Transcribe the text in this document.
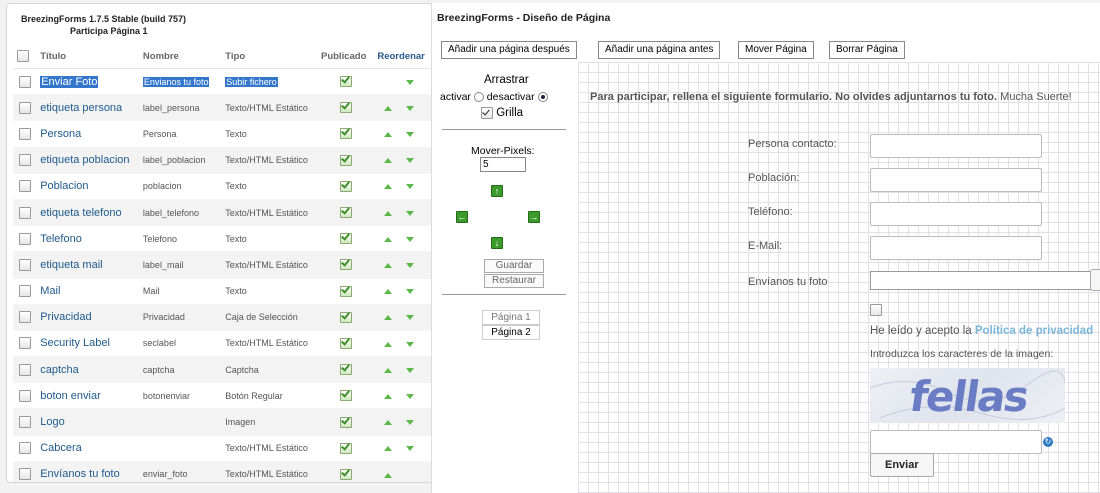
BreezingForms 1.7.5 Stable (build 757)
Participa Página 1
	Título	Nombre	Tipo	Publicado	Reordenar
	Enviar Foto	Envianos tu foto	Subir fichero		
	etiqueta persona	label_persona	Texto/HTML Estático		
	Persona	Persona	Texto		
	etiqueta poblacion	label_poblacion	Texto/HTML Estático		
	Poblacion	poblacion	Texto		
	etiqueta telefono	label_telefono	Texto/HTML Estático		
	Telefono	Telefono	Texto		
	etiqueta mail	label_mail	Texto/HTML Estático		
	Mail	Mail	Texto		
	Privacidad	Privacidad	Caja de Selección		
	Security Label	seclabel	Texto/HTML Estático		
	captcha	captcha	Captcha		
	boton enviar	botonenviar	Botón Regular		
	Logo		Imagen		
	Cabcera		Texto/HTML Estático		
	Envíanos tu foto	enviar_foto	Texto/HTML Estático		
BreezingForms - Diseño de Página
Añadir una página después	Añadir una página antes	Mover Página	Borrar Página
Arrastrar
activar desactivar
Grilla
Mover-Pixels:
5
↑
←	→
↓
Guardar
Restaurar
Página 1
Página 2
Para participar, rellena el siguiente formulario. No olvides adjuntarnos tu foto. Mucha Suerte!
Persona contacto:
Población:
Teléfono:
E-Mail:
Envíanos tu foto
He leído y acepto la Política de privacidad
Introduzca los caracteres de la imagen:
fellas
↻
Enviar
